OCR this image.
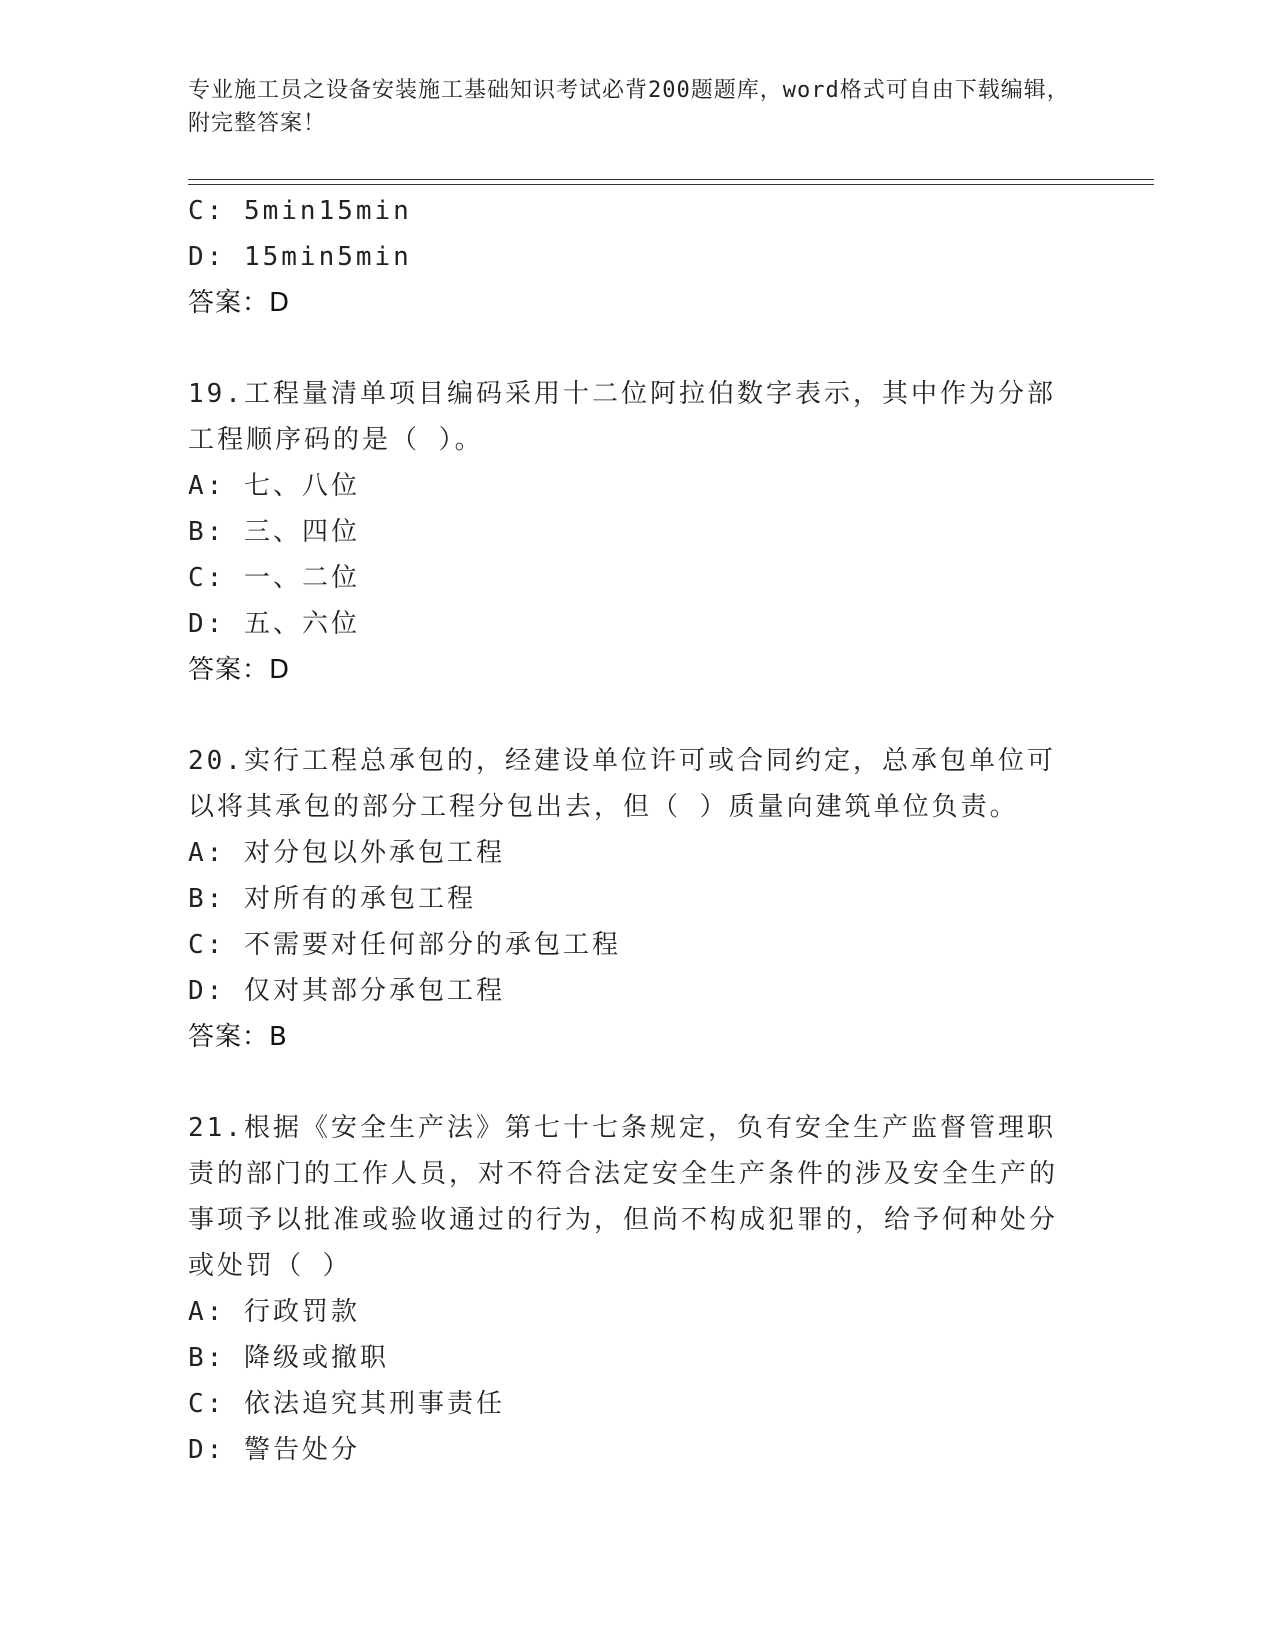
专业施工员之设备安装施工基础知识考试必背200题题库，word格式可自由下载编辑，附完整答案！
C: 5min15min
D: 15min5min
答案：D
19.工程量清单项目编码采用十二位阿拉伯数字表示，其中作为分部工程顺序码的是（ ）。
A: 七、八位
B: 三、四位
C: 一、二位
D: 五、六位
答案：D
20.实行工程总承包的，经建设单位许可或合同约定，总承包单位可以将其承包的部分工程分包出去，但（ ）质量向建筑单位负责。
A: 对分包以外承包工程
B: 对所有的承包工程
C: 不需要对任何部分的承包工程
D: 仅对其部分承包工程
答案：B
21.根据《安全生产法》第七十七条规定，负有安全生产监督管理职责的部门的工作人员，对不符合法定安全生产条件的涉及安全生产的事项予以批准或验收通过的行为，但尚不构成犯罪的，给予何种处分或处罚（ ）
A: 行政罚款
B: 降级或撤职
C: 依法追究其刑事责任
D: 警告处分
